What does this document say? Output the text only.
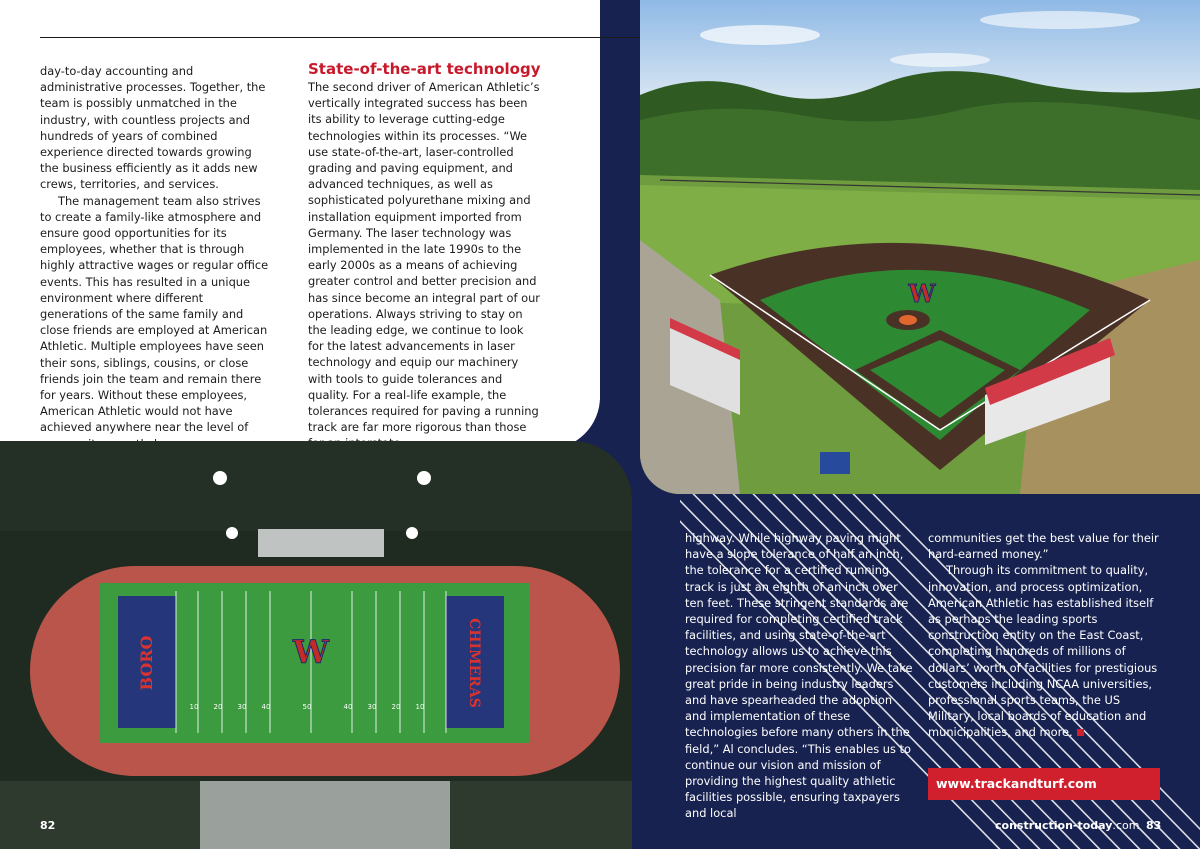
day-to-day accounting and administrative processes. Together, the team is possibly unmatched in the industry, with countless projects and hundreds of years of combined experience directed towards growing the business efficiently as it adds new crews, territories, and services.

The management team also strives to create a family-like atmosphere and ensure good opportunities for its employees, whether that is through highly attractive wages or regular office events. This has resulted in a unique environment where different generations of the same family and close friends are employed at American Athletic. Multiple employees have seen their sons, siblings, cousins, or close friends join the team and remain there for years. Without these employees, American Athletic would not have achieved anywhere near the level of

State-of-the-art technology

The second driver of American Athletic’s vertically integrated success has been its ability to leverage cutting-edge technologies within its processes. “We use state-of-the-art, laser-controlled grading and paving equipment, and advanced techniques, as well as sophisticated polyurethane mixing and installation equipment imported from Germany. The laser technology was implemented in the late 1990s to the early 2000s as a means of achieving greater control and better precision and has since become an integral part of our operations. Always striving to stay on the leading edge, we continue to look for the latest advancements in laser technology and equip our machinery with tools to guide tolerances and quality. For a real-life example, the tolerances required for paving a running track are far more rigorous than those

W
W
BORO	CHIMERAS
10 20 30 40	50	40 30 20 10

highway. While highway paving might have a slope tolerance of half an inch, the tolerance for a certified running track is just an eighth of an inch over ten feet. These stringent standards are required for completing certified track facilities, and using state-of-the-art technology allows us to achieve this precision far more consistently. We take great pride in being industry leaders and have spearheaded the adoption and implementation of these technologies before many others in the field,” Al concludes. “This enables us to continue our vision and mission of providing the highest quality athletic facilities possible, ensuring taxpayers and local

communities get the best value for their hard-earned money.”

Through its commitment to quality, innovation, and process optimization, American Athletic has established itself as perhaps the leading sports construction entity on the East Coast, completing hundreds of millions of dollars’ worth of facilities for prestigious customers including NCAA universities, professional sports teams, the US Military, local boards of education and municipalities, and more.

www.trackandturf.com
82	construction-today.com 83
